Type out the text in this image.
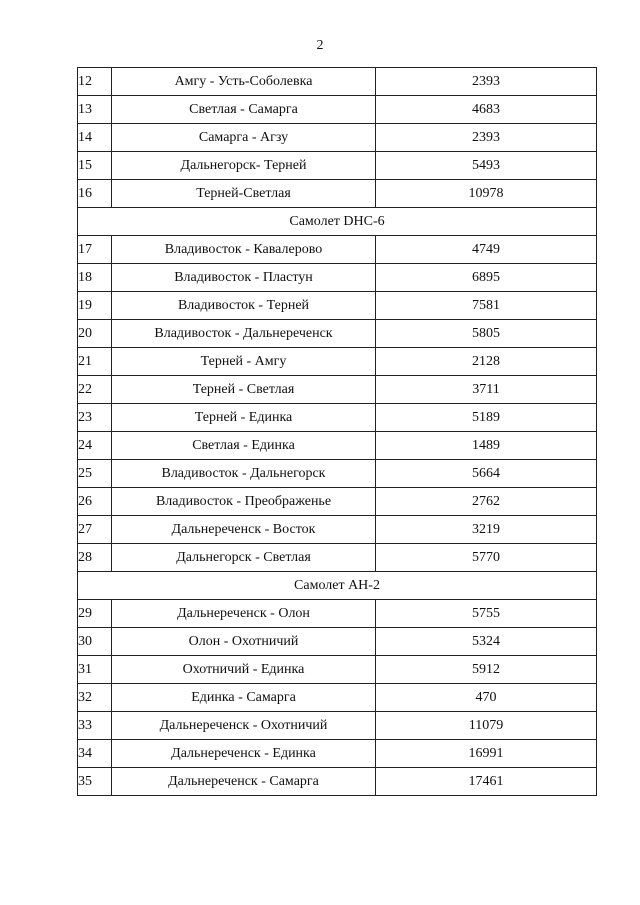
2
12	Амгу - Усть-Соболевка	2393
13	Светлая - Самарга	4683
14	Самарга - Агзу	2393
15	Дальнегорск- Терней	5493
16	Терней-Светлая	10978
Самолет DHC-6		
17	Владивосток - Кавалерово	4749
18	Владивосток - Пластун	6895
19	Владивосток - Терней	7581
20	Владивосток - Дальнереченск	5805
21	Терней - Амгу	2128
22	Терней - Светлая	3711
23	Терней - Единка	5189
24	Светлая - Единка	1489
25	Владивосток - Дальнегорск	5664
26	Владивосток - Преображенье	2762
27	Дальнереченск - Восток	3219
28	Дальнегорск - Светлая	5770
Самолет АН-2		
29	Дальнереченск - Олон	5755
30	Олон - Охотничий	5324
31	Охотничий - Единка	5912
32	Единка - Самарга	470
33	Дальнереченск - Охотничий	11079
34	Дальнереченск - Единка	16991
35	Дальнереченск - Самарга	17461
